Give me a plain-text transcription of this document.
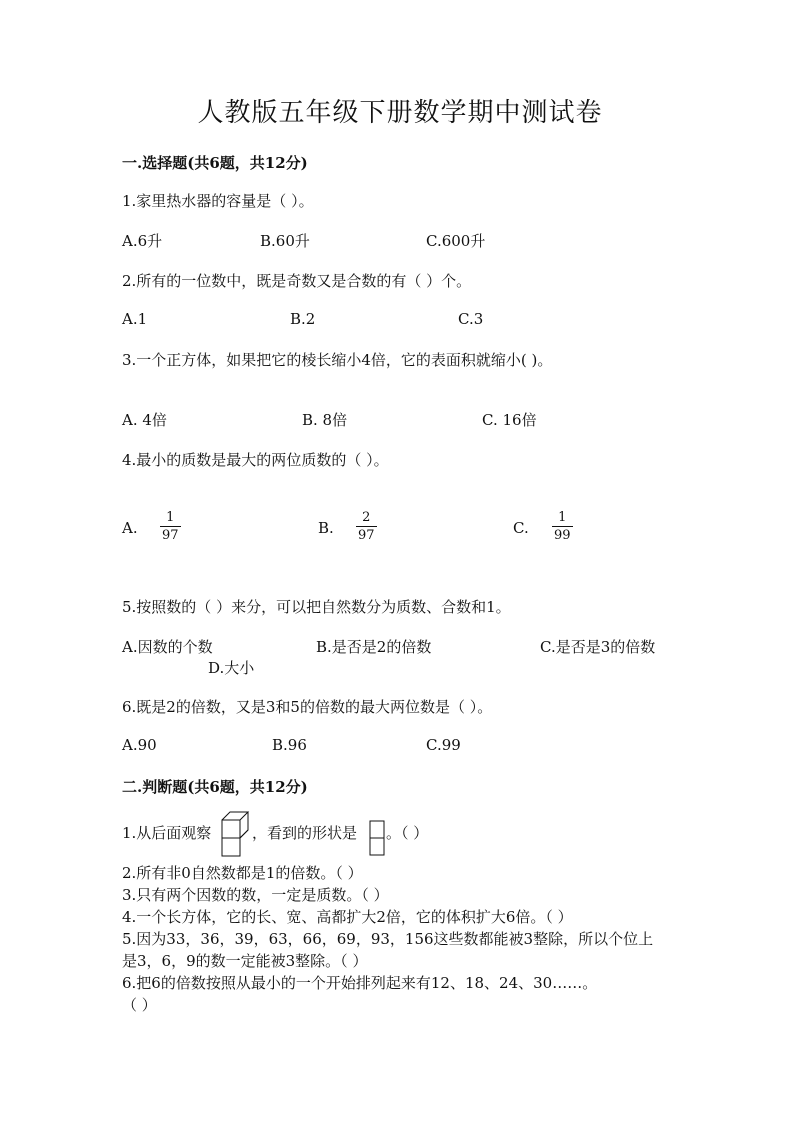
人教版五年级下册数学期中测试卷
一.选择题(共6题，共12分)
1.家里热水器的容量是（ ）。
A.6升	B.60升	C.600升
2.所有的一位数中，既是奇数又是合数的有（ ）个。
A.1	B.2	C.3
3.一个正方体，如果把它的棱长缩小4倍，它的表面积就缩小( )。
A. 4倍	B. 8倍	C. 16倍
4.最小的质数是最大的两位质数的（ ）。
A.
1
97	B.
2
97	C.
1
99
5.按照数的（ ）来分，可以把自然数分为质数、合数和1。
A.因数的个数	B.是否是2的倍数	C.是否是3的倍数
D.大小
6.既是2的倍数，又是3和5的倍数的最大两位数是（ ）。
A.90	B.96	C.99
二.判断题(共6题，共12分)
1.从后面观察	，看到的形状是 。（ ）
2.所有非0自然数都是1的倍数。（ ）
3.只有两个因数的数，一定是质数。（ ）
4.一个长方体，它的长、宽、高都扩大2倍，它的体积扩大6倍。（ ）
5.因为33，36，39，63，66，69，93，156这些数都能被3整除，所以个位上
是3，6，9的数一定能被3整除。（ ）
6.把6的倍数按照从最小的一个开始排列起来有12、18、24、30……。
（ ）
